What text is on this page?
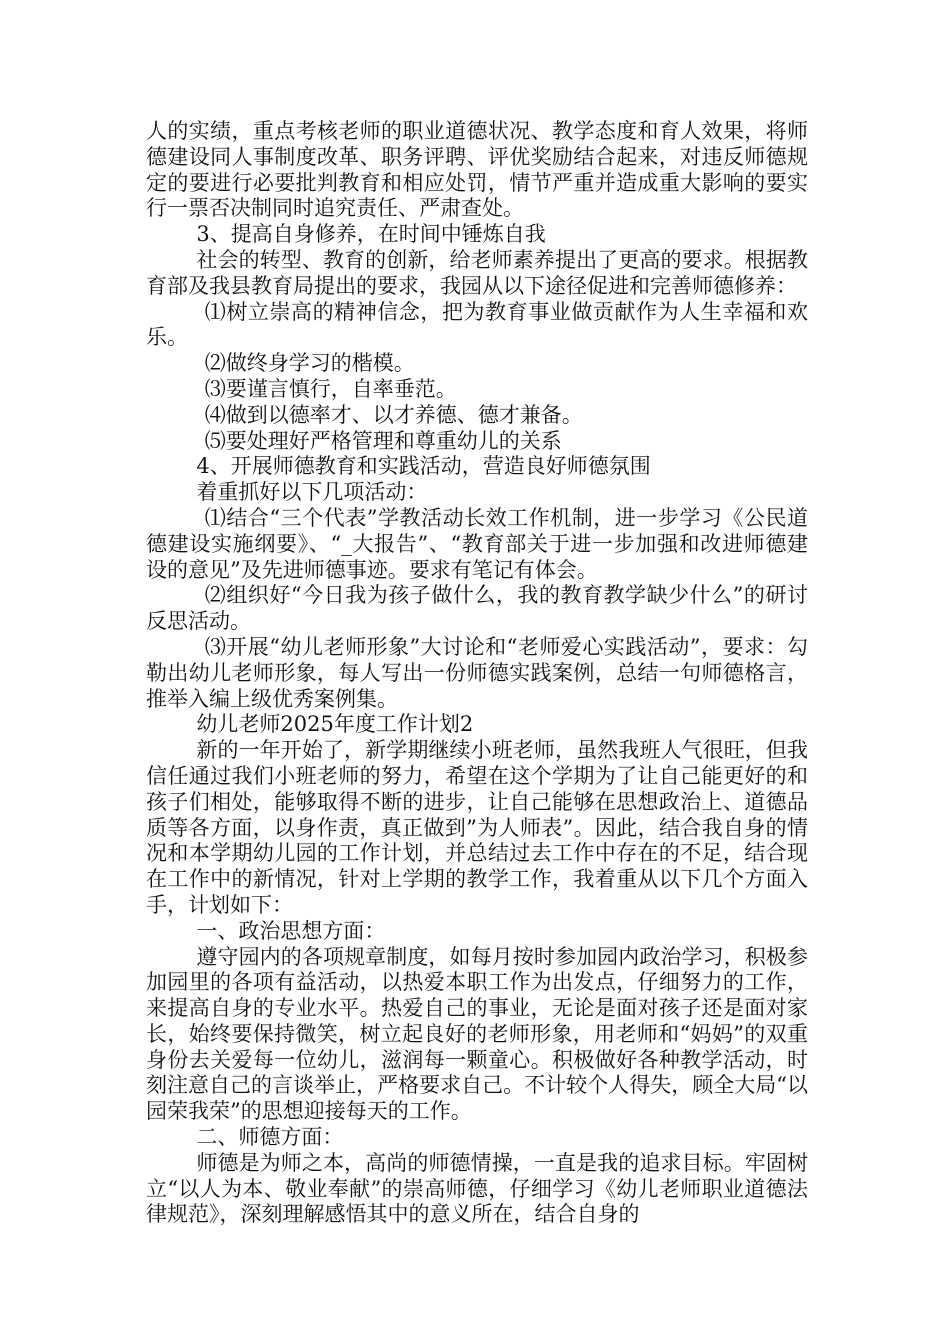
人的实绩，重点考核老师的职业道德状况、教学态度和育人效果，将师德建设同人事制度改革、职务评聘、评优奖励结合起来，对违反师德规定的要进行必要批判教育和相应处罚，情节严重并造成重大影响的要实行一票否决制同时追究责任、严肃查处。

3、提高自身修养，在时间中锤炼自我

社会的转型、教育的创新，给老师素养提出了更高的要求。根据教育部及我县教育局提出的要求，我园从以下途径促进和完善师德修养：

⑴树立崇高的精神信念，把为教育事业做贡献作为人生幸福和欢乐。

⑵做终身学习的楷模。

⑶要谨言慎行，自率垂范。

⑷做到以德率才、以才养德、德才兼备。

⑸要处理好严格管理和尊重幼儿的关系

4、开展师德教育和实践活动，营造良好师德氛围

着重抓好以下几项活动：

⑴结合“三个代表”学教活动长效工作机制，进一步学习《公民道德建设实施纲要》、“_大报告”、“教育部关于进一步加强和改进师德建设的意见”及先进师德事迹。要求有笔记有体会。

⑵组织好“今日我为孩子做什么，我的教育教学缺少什么”的研讨反思活动。

⑶开展“幼儿老师形象”大讨论和“老师爱心实践活动”，要求：勾勒出幼儿老师形象，每人写出一份师德实践案例，总结一句师德格言，推举入编上级优秀案例集。

幼儿老师2025年度工作计划2

新的一年开始了，新学期继续小班老师，虽然我班人气很旺，但我信任通过我们小班老师的努力，希望在这个学期为了让自己能更好的和孩子们相处，能够取得不断的进步，让自己能够在思想政治上、道德品质等各方面，以身作责，真正做到”为人师表”。因此，结合我自身的情况和本学期幼儿园的工作计划，并总结过去工作中存在的不足，结合现在工作中的新情况，针对上学期的教学工作，我着重从以下几个方面入手，计划如下：

一、政治思想方面：

遵守园内的各项规章制度，如每月按时参加园内政治学习，积极参加园里的各项有益活动，以热爱本职工作为出发点，仔细努力的工作，来提高自身的专业水平。热爱自己的事业，无论是面对孩子还是面对家长，始终要保持微笑，树立起良好的老师形象，用老师和“妈妈”的双重身份去关爱每一位幼儿，滋润每一颗童心。积极做好各种教学活动，时刻注意自己的言谈举止，严格要求自己。不计较个人得失，顾全大局“以园荣我荣”的思想迎接每天的工作。

二、师德方面：

师德是为师之本，高尚的师德情操，一直是我的追求目标。牢固树立“以人为本、敬业奉献”的崇高师德，仔细学习《幼儿老师职业道德法律规范》，深刻理解感悟其中的意义所在，结合自身的
